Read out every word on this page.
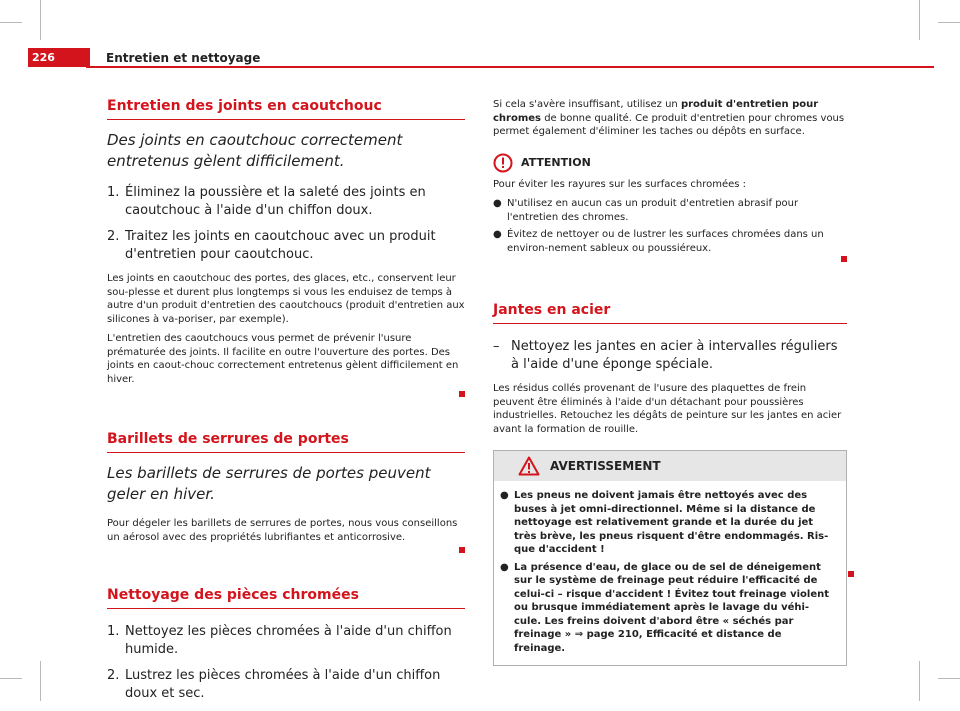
226	Entretien et nettoyage
Entretien des joints en caoutchouc

Des joints en caoutchouc correctement entretenus gèlent difficilement.

1. Éliminez la poussière et la saleté des joints en caoutchouc à l'aide d'un chiffon doux.
2. Traitez les joints en caoutchouc avec un produit d'entretien pour caoutchouc.

Les joints en caoutchouc des portes, des glaces, etc., conservent leur sou-plesse et durent plus longtemps si vous les enduisez de temps à autre d'un produit d'entretien des caoutchoucs (produit d'entretien aux silicones à va-poriser, par exemple).

L'entretien des caoutchoucs vous permet de prévenir l'usure prématurée des joints. Il facilite en outre l'ouverture des portes. Des joints en caout-chouc correctement entretenus gèlent difficilement en hiver.

Barillets de serrures de portes

Les barillets de serrures de portes peuvent geler en hiver.

Pour dégeler les barillets de serrures de portes, nous vous conseillons un aérosol avec des propriétés lubrifiantes et anticorrosive.

Nettoyage des pièces chromées
1. Nettoyez les pièces chromées à l'aide d'un chiffon humide.
2. Lustrez les pièces chromées à l'aide d'un chiffon doux et sec.

Si cela s'avère insuffisant, utilisez un produit d'entretien pour chromes de bonne qualité. Ce produit d'entretien pour chromes vous permet également d'éliminer les taches ou dépôts en surface.

ATTENTION

Pour éviter les rayures sur les surfaces chromées :

● N'utilisez en aucun cas un produit d'entretien abrasif pour l'entretien des chromes.
● Évitez de nettoyer ou de lustrer les surfaces chromées dans un environ-nement sableux ou poussiéreux.
Jantes en acier
– Nettoyez les jantes en acier à intervalles réguliers à l'aide d'une éponge spéciale.

Les résidus collés provenant de l'usure des plaquettes de frein peuvent être éliminés à l'aide d'un détachant pour poussières industrielles. Retouchez les dégâts de peinture sur les jantes en acier avant la formation de rouille.

AVERTISSEMENT
● Les pneus ne doivent jamais être nettoyés avec des buses à jet omni-directionnel. Même si la distance de nettoyage est relativement grande et la durée du jet très brève, les pneus risquent d'être endommagés. Ris-que d'accident !
● La présence d'eau, de glace ou de sel de déneigement sur le système de freinage peut réduire l'efficacité de celui-ci – risque d'accident ! Évitez tout freinage violent ou brusque immédiatement après le lavage du véhi-cule. Les freins doivent d'abord être « séchés par freinage » ⇒ page 210, Efficacité et distance de freinage.
